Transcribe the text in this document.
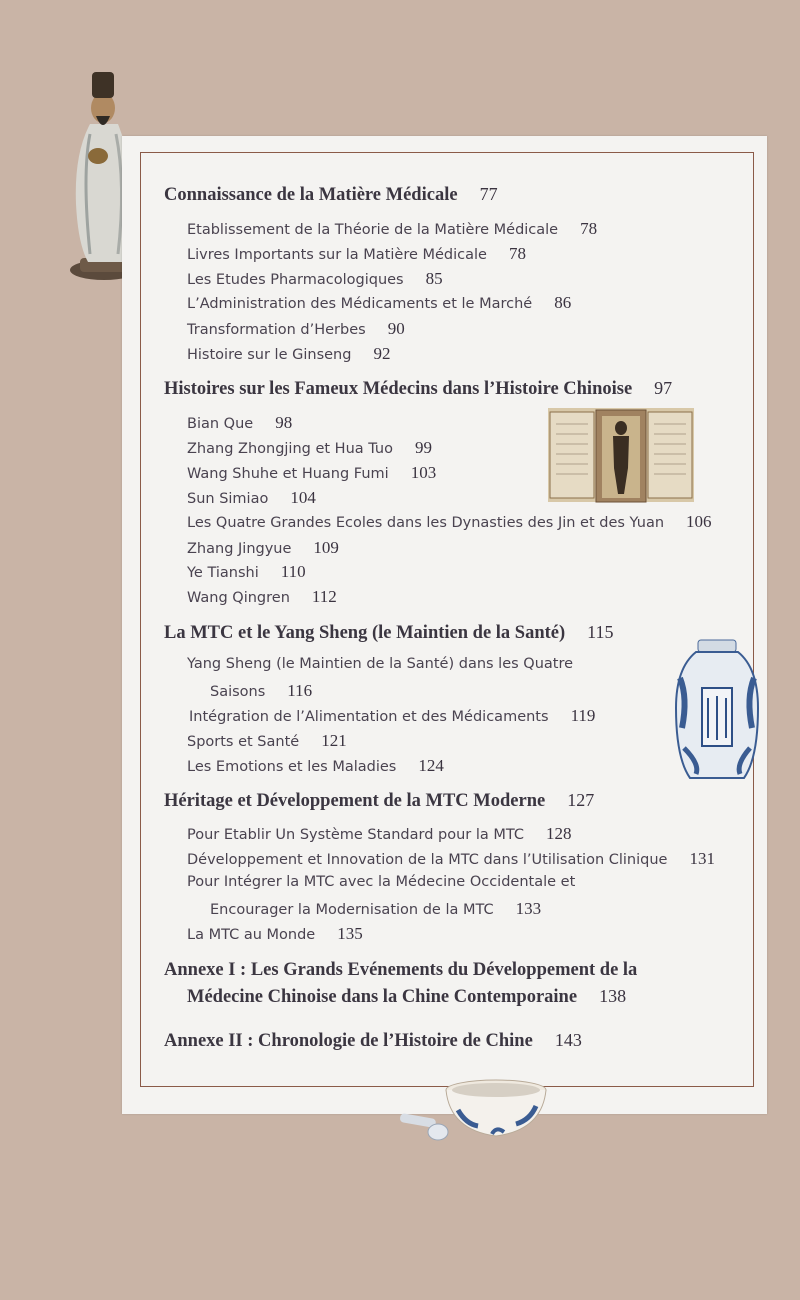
Connaissance de la Matière Médicale 77
Etablissement de la Théorie de la Matière Médicale 78
Livres Importants sur la Matière Médicale 78
Les Etudes Pharmacologiques 85
L’Administration des Médicaments et le Marché 86
Transformation d’Herbes 90
Histoire sur le Ginseng 92
Histoires sur les Fameux Médecins dans l’Histoire Chinoise 97
Bian Que 98
Zhang Zhongjing et Hua Tuo 99
Wang Shuhe et Huang Fumi 103
Sun Simiao 104
Les Quatre Grandes Ecoles dans les Dynasties des Jin et des Yuan 106
Zhang Jingyue 109
Ye Tianshi 110
Wang Qingren 112
La MTC et le Yang Sheng (le Maintien de la Santé) 115
Yang Sheng (le Maintien de la Santé) dans les Quatre
Saisons 116
Intégration de l’Alimentation et des Médicaments 119
Sports et Santé 121
Les Emotions et les Maladies 124
Héritage et Développement de la MTC Moderne 127
Pour Etablir Un Système Standard pour la MTC 128
Développement et Innovation de la MTC dans l’Utilisation Clinique 131
Pour Intégrer la MTC avec la Médecine Occidentale et
Encourager la Modernisation de la MTC 133
La MTC au Monde 135
Annexe I : Les Grands Evénements du Développement de la
Médecine Chinoise dans la Chine Contemporaine 138
Annexe II : Chronologie de l’Histoire de Chine 143
